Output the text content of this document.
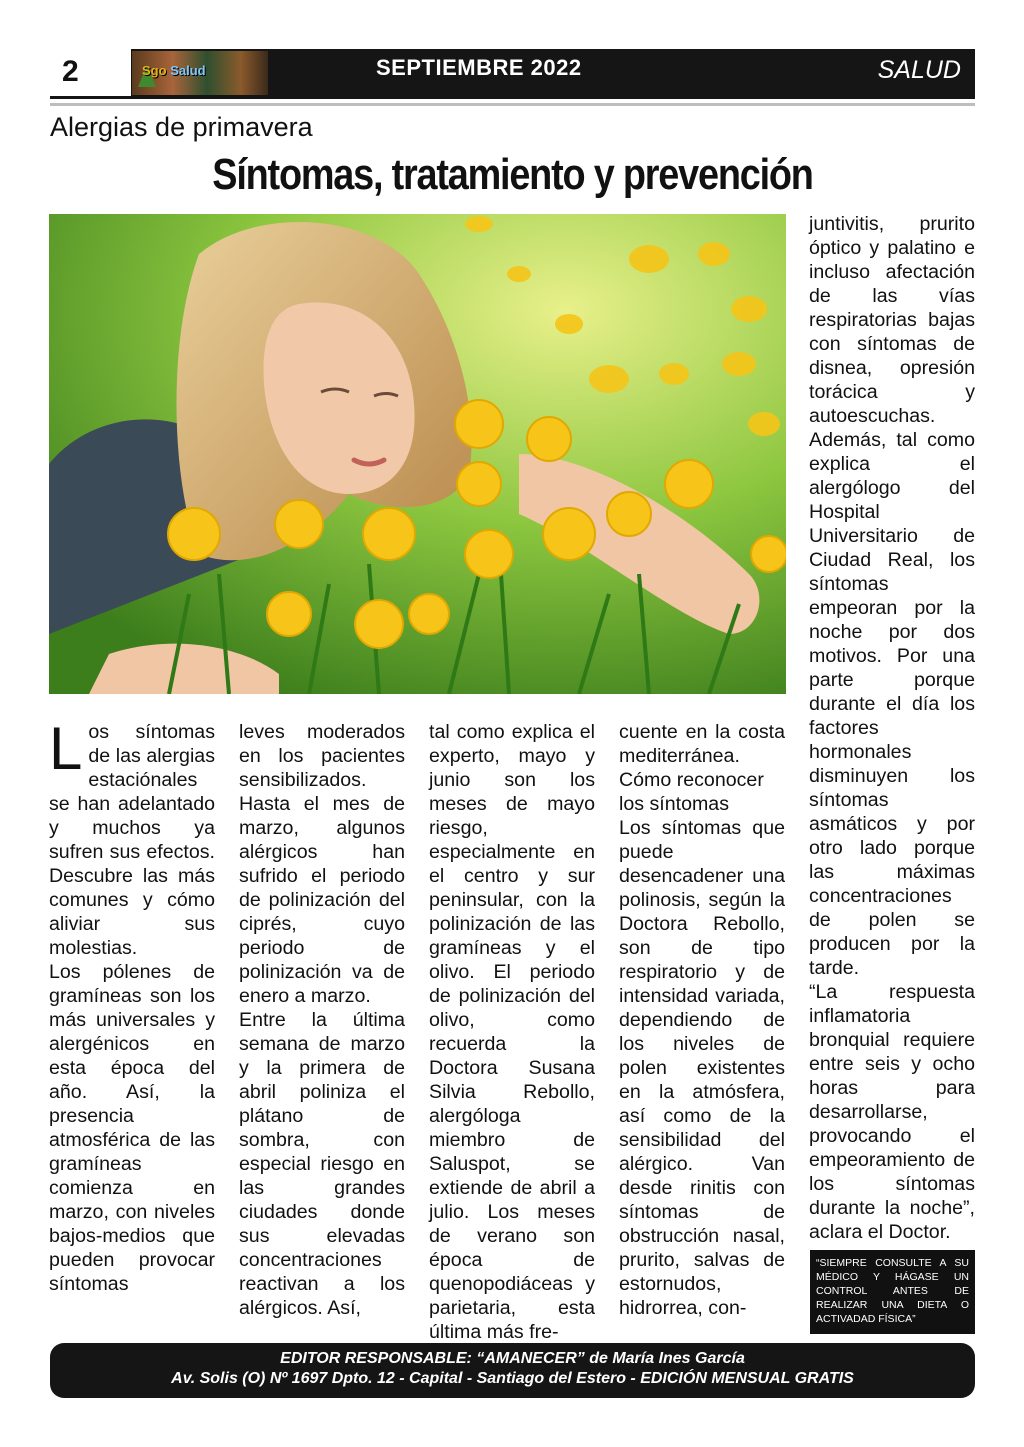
2	Sgo Salud	SEPTIEMBRE 2022	SALUD
Alergias de primavera
Síntomas, tratamiento y prevención

Los síntomas de las alergias estaciónales se han adelantado y muchos ya sufren sus efectos. Descubre las más comunes y cómo aliviar sus molestias.

Los pólenes de gramíneas son los más universales y alergénicos en esta época del año. Así, la presencia atmosférica de las gramíneas comienza en marzo, con niveles bajos-medios que pueden provocar síntomas

leves moderados en los pacientes sensibilizados. Hasta el mes de marzo, algunos alérgicos han sufrido el periodo de polinización del ciprés, cuyo periodo de polinización va de enero a marzo.

Entre la última semana de marzo y la primera de abril poliniza el plátano de sombra, con especial riesgo en las grandes ciudades donde sus elevadas concentraciones reactivan a los alérgicos. Así,

tal como explica el experto, mayo y junio son los meses de mayo riesgo, especialmente en el centro y sur peninsular, con la polinización de las gramíneas y el olivo. El periodo de polinización del olivo, como recuerda la Doctora Susana Silvia Rebollo, alergóloga miembro de Saluspot, se extiende de abril a julio. Los meses de verano son época de quenopodiáceas y parietaria, esta última más fre-

cuente en la costa mediterránea.

Cómo reconocer los síntomas

Los síntomas que puede desencadener una polinosis, según la Doctora Rebollo, son de tipo respiratorio y de intensidad variada, dependiendo de los niveles de polen existentes en la atmósfera, así como de la sensibilidad del alérgico. Van desde rinitis con síntomas de obstrucción nasal, prurito, salvas de estornudos, hidrorrea, con-

juntivitis, prurito óptico y palatino e incluso afectación de las vías respiratorias bajas con síntomas de disnea, opresión torácica y autoescuchas. Además, tal como explica el alergólogo del Hospital Universitario de Ciudad Real, los síntomas empeoran por la noche por dos motivos. Por una parte porque durante el día los factores hormonales disminuyen los síntomas asmáticos y por otro lado porque las máximas concentraciones de polen se producen por la tarde.

“La respuesta inflamatoria bronquial requiere entre seis y ocho horas para desarrollarse, provocando el empeoramiento de los síntomas durante la noche”, aclara el Doctor.

“SIEMPRE CONSULTE A SU MÉDICO Y HÁGASE UN CONTROL ANTES DE REALIZAR UNA DIETA O ACTIVADAD FÍSICA”
EDITOR RESPONSABLE: “AMANECER” de María Ines García
Av. Solis (O) Nº 1697 Dpto. 12 - Capital - Santiago del Estero - EDICIÓN MENSUAL GRATIS
